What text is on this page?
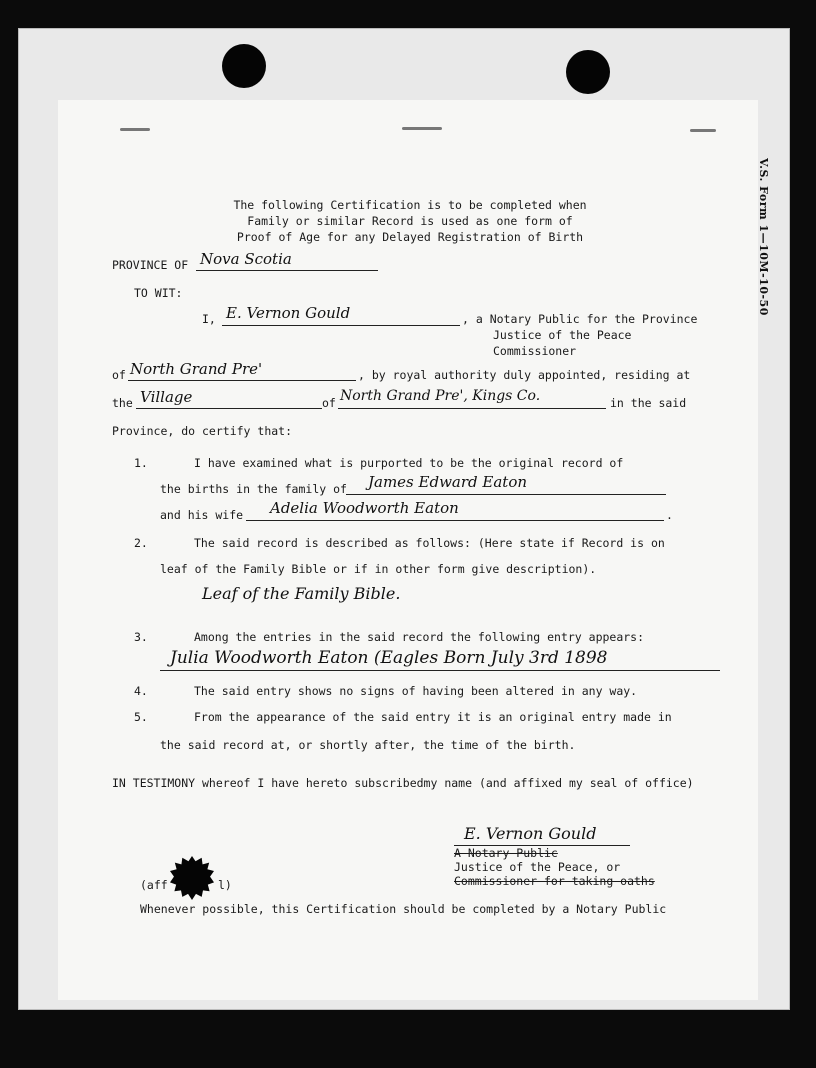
V.S. Form 1—10M-10-50
The following Certification is to be completed when
Family or similar Record is used as one form of
Proof of Age for any Delayed Registration of Birth
PROVINCE OF Nova Scotia
TO WIT:
I, E. Vernon Gould	, a Notary Public for the Province
Justice of the Peace
Commissioner
of North Grand Pre'	, by royal authority duly appointed, residing at
the Village	of North Grand Pre', Kings Co.	in the said
Province, do certify that:
1.	I have examined what is purported to be the original record of
the births in the family of James Edward Eaton
and his wife Adelia Woodworth Eaton	.
2.	The said record is described as follows: (Here state if Record is on
leaf of the Family Bible or if in other form give description).
Leaf of the Family Bible.
3.	Among the entries in the said record the following entry appears:
Julia Woodworth Eaton (Eagles Born July 3rd 1898
4.	The said entry shows no signs of having been altered in any way.
5.	From the appearance of the said entry it is an original entry made in
the said record at, or shortly after, the time of the birth.
IN TESTIMONY whereof I have hereto subscribedmy name (and affixed my seal of office)
E. Vernon Gould
A Notary Public
Justice of the Peace, or
Commissioner for taking oaths
(aff	l)
Whenever possible, this Certification should be completed by a Notary Public
